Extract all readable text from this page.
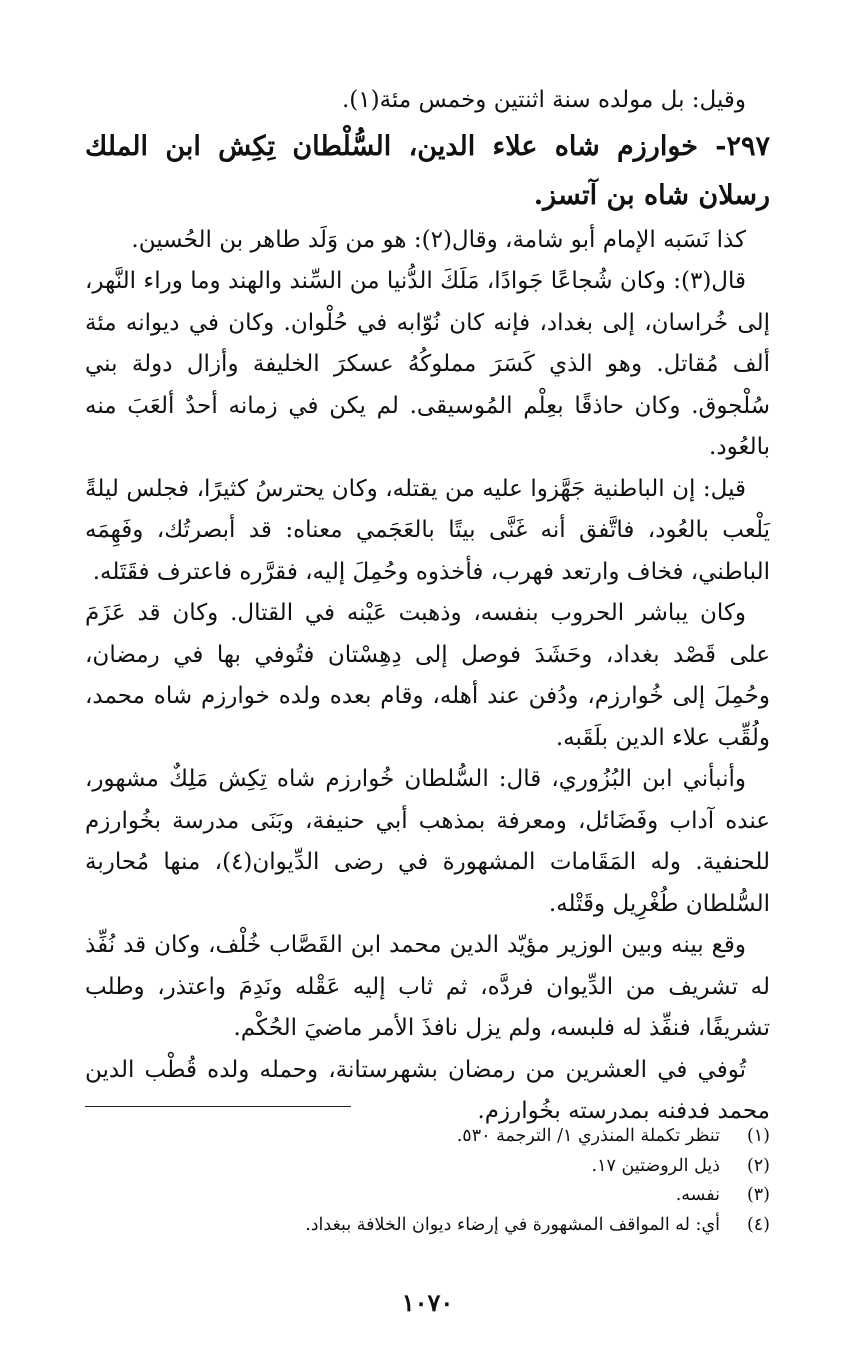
وقيل: بل مولده سنة اثنتين وخمس مئة(١).

٢٩٧- خوارزم شاه علاء الدين، السُّلْطان تِكِش ابن الملك رسلان شاه بن آتسز.

كذا نَسَبه الإمام أبو شامة، وقال(٢): هو من وَلَد طاهر بن الحُسين.

قال(٣): وكان شُجاعًا جَوادًا، مَلَكَ الدُّنيا من السِّند والهند وما وراء النَّهر، إلى خُراسان، إلى بغداد، فإنه كان نُوّابه في حُلْوان. وكان في ديوانه مئة ألف مُقاتل. وهو الذي كَسَرَ مملوكُهُ عسكرَ الخليفة وأزال دولة بني سُلْجوق. وكان حاذقًا بعِلْم المُوسيقى. لم يكن في زمانه أحدٌ ألعَبَ منه بالعُود.

قيل: إن الباطنية جَهَّزوا عليه من يقتله، وكان يحترسُ كثيرًا، فجلس ليلةً يَلْعب بالعُود، فاتَّفق أنه غَنَّى بيتًا بالعَجَمي معناه: قد أبصرتُك، وفَهِمَه الباطني، فخاف وارتعد فهرب، فأخذوه وحُمِلَ إليه، فقرَّره فاعترف فقَتَله.

وكان يباشر الحروب بنفسه، وذهبت عَيْنه في القتال. وكان قد عَزَمَ على قَصْد بغداد، وحَشَدَ فوصل إلى دِهِسْتان فتُوفي بها في رمضان، وحُمِلَ إلى خُوارزم، ودُفن عند أهله، وقام بعده ولده خوارزم شاه محمد، ولُقِّب علاء الدين بلَقَبه.

وأنبأني ابن البُزُوري، قال: السُّلطان خُوارزم شاه تِكِش مَلِكٌ مشهور، عنده آداب وفَضَائل، ومعرفة بمذهب أبي حنيفة، وبَنَى مدرسة بخُوارزم للحنفية. وله المَقَامات المشهورة في رضى الدِّيوان(٤)، منها مُحاربة السُّلطان طُغْرِيل وقَتْله.

وقع بينه وبين الوزير مؤيّد الدين محمد ابن القَصَّاب خُلْف، وكان قد نُفِّذ له تشريف من الدِّيوان فردَّه، ثم ثاب إليه عَقْله ونَدِمَ واعتذر، وطلب تشريفًا، فنفِّذ له فلبسه، ولم يزل نافذَ الأمر ماضيَ الحُكْم.

تُوفي في العشرين من رمضان بشهرستانة، وحمله ولده قُطْب الدين محمد فدفنه بمدرسته بخُوارزم.

(١)تنظر تكملة المنذري ١/ الترجمة ٥٣٠.

(٢)ذيل الروضتين ١٧.

(٣)نفسه.

(٤)أي: له المواقف المشهورة في إرضاء ديوان الخلافة ببغداد.

١٠٧٠
